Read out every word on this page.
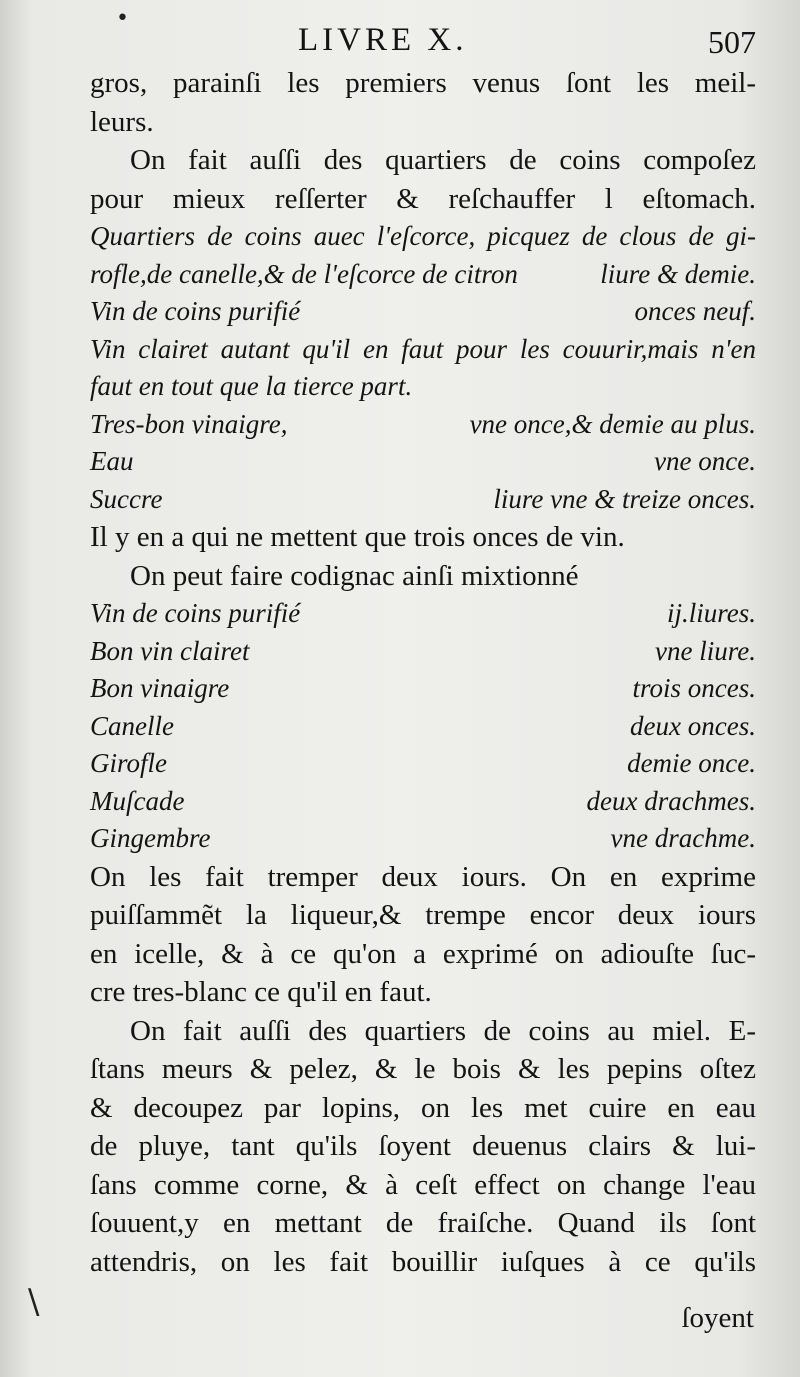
LIVRE X.	507
gros, parainſi les premiers venus ſont les meil-
leurs.
On fait auſſi des quartiers de coins compoſez
pour mieux reſſerter & reſchauffer l eſtomach.
Quartiers de coins auec l'eſcorce, picquez de clous de gi-
rofle,de canelle,& de l'eſcorce de citron	liure & demie.
Vin de coins purifié	onces neuf.
Vin clairet autant qu'il en faut pour les couurir,mais n'en
faut en tout que la tierce part.
Tres-bon vinaigre,	vne once,& demie au plus.
Eau	vne once.
Succre	liure vne & treize onces.
Il y en a qui ne mettent que trois onces de vin.
On peut faire codignac ainſi mixtionné
Vin de coins purifié	ij.liures.
Bon vin clairet	vne liure.
Bon vinaigre	trois onces.
Canelle	deux onces.
Girofle	demie once.
Muſcade	deux drachmes.
Gingembre	vne drachme.
On les fait tremper deux iours. On en exprime
puiſſammẽt la liqueur,& trempe encor deux iours
en icelle, & à ce qu'on a exprimé on adiouſte ſuc-
cre tres-blanc ce qu'il en faut.
On fait auſſi des quartiers de coins au miel. E-
ſtans meurs & pelez, & le bois & les pepins oſtez
& decoupez par lopins, on les met cuire en eau
de pluye, tant qu'ils ſoyent deuenus clairs & lui-
ſans comme corne, & à ceſt effect on change l'eau
ſouuent,y en mettant de fraiſche. Quand ils ſont
attendris, on les fait bouillir iuſques à ce qu'ils
ſoyent
•
\
